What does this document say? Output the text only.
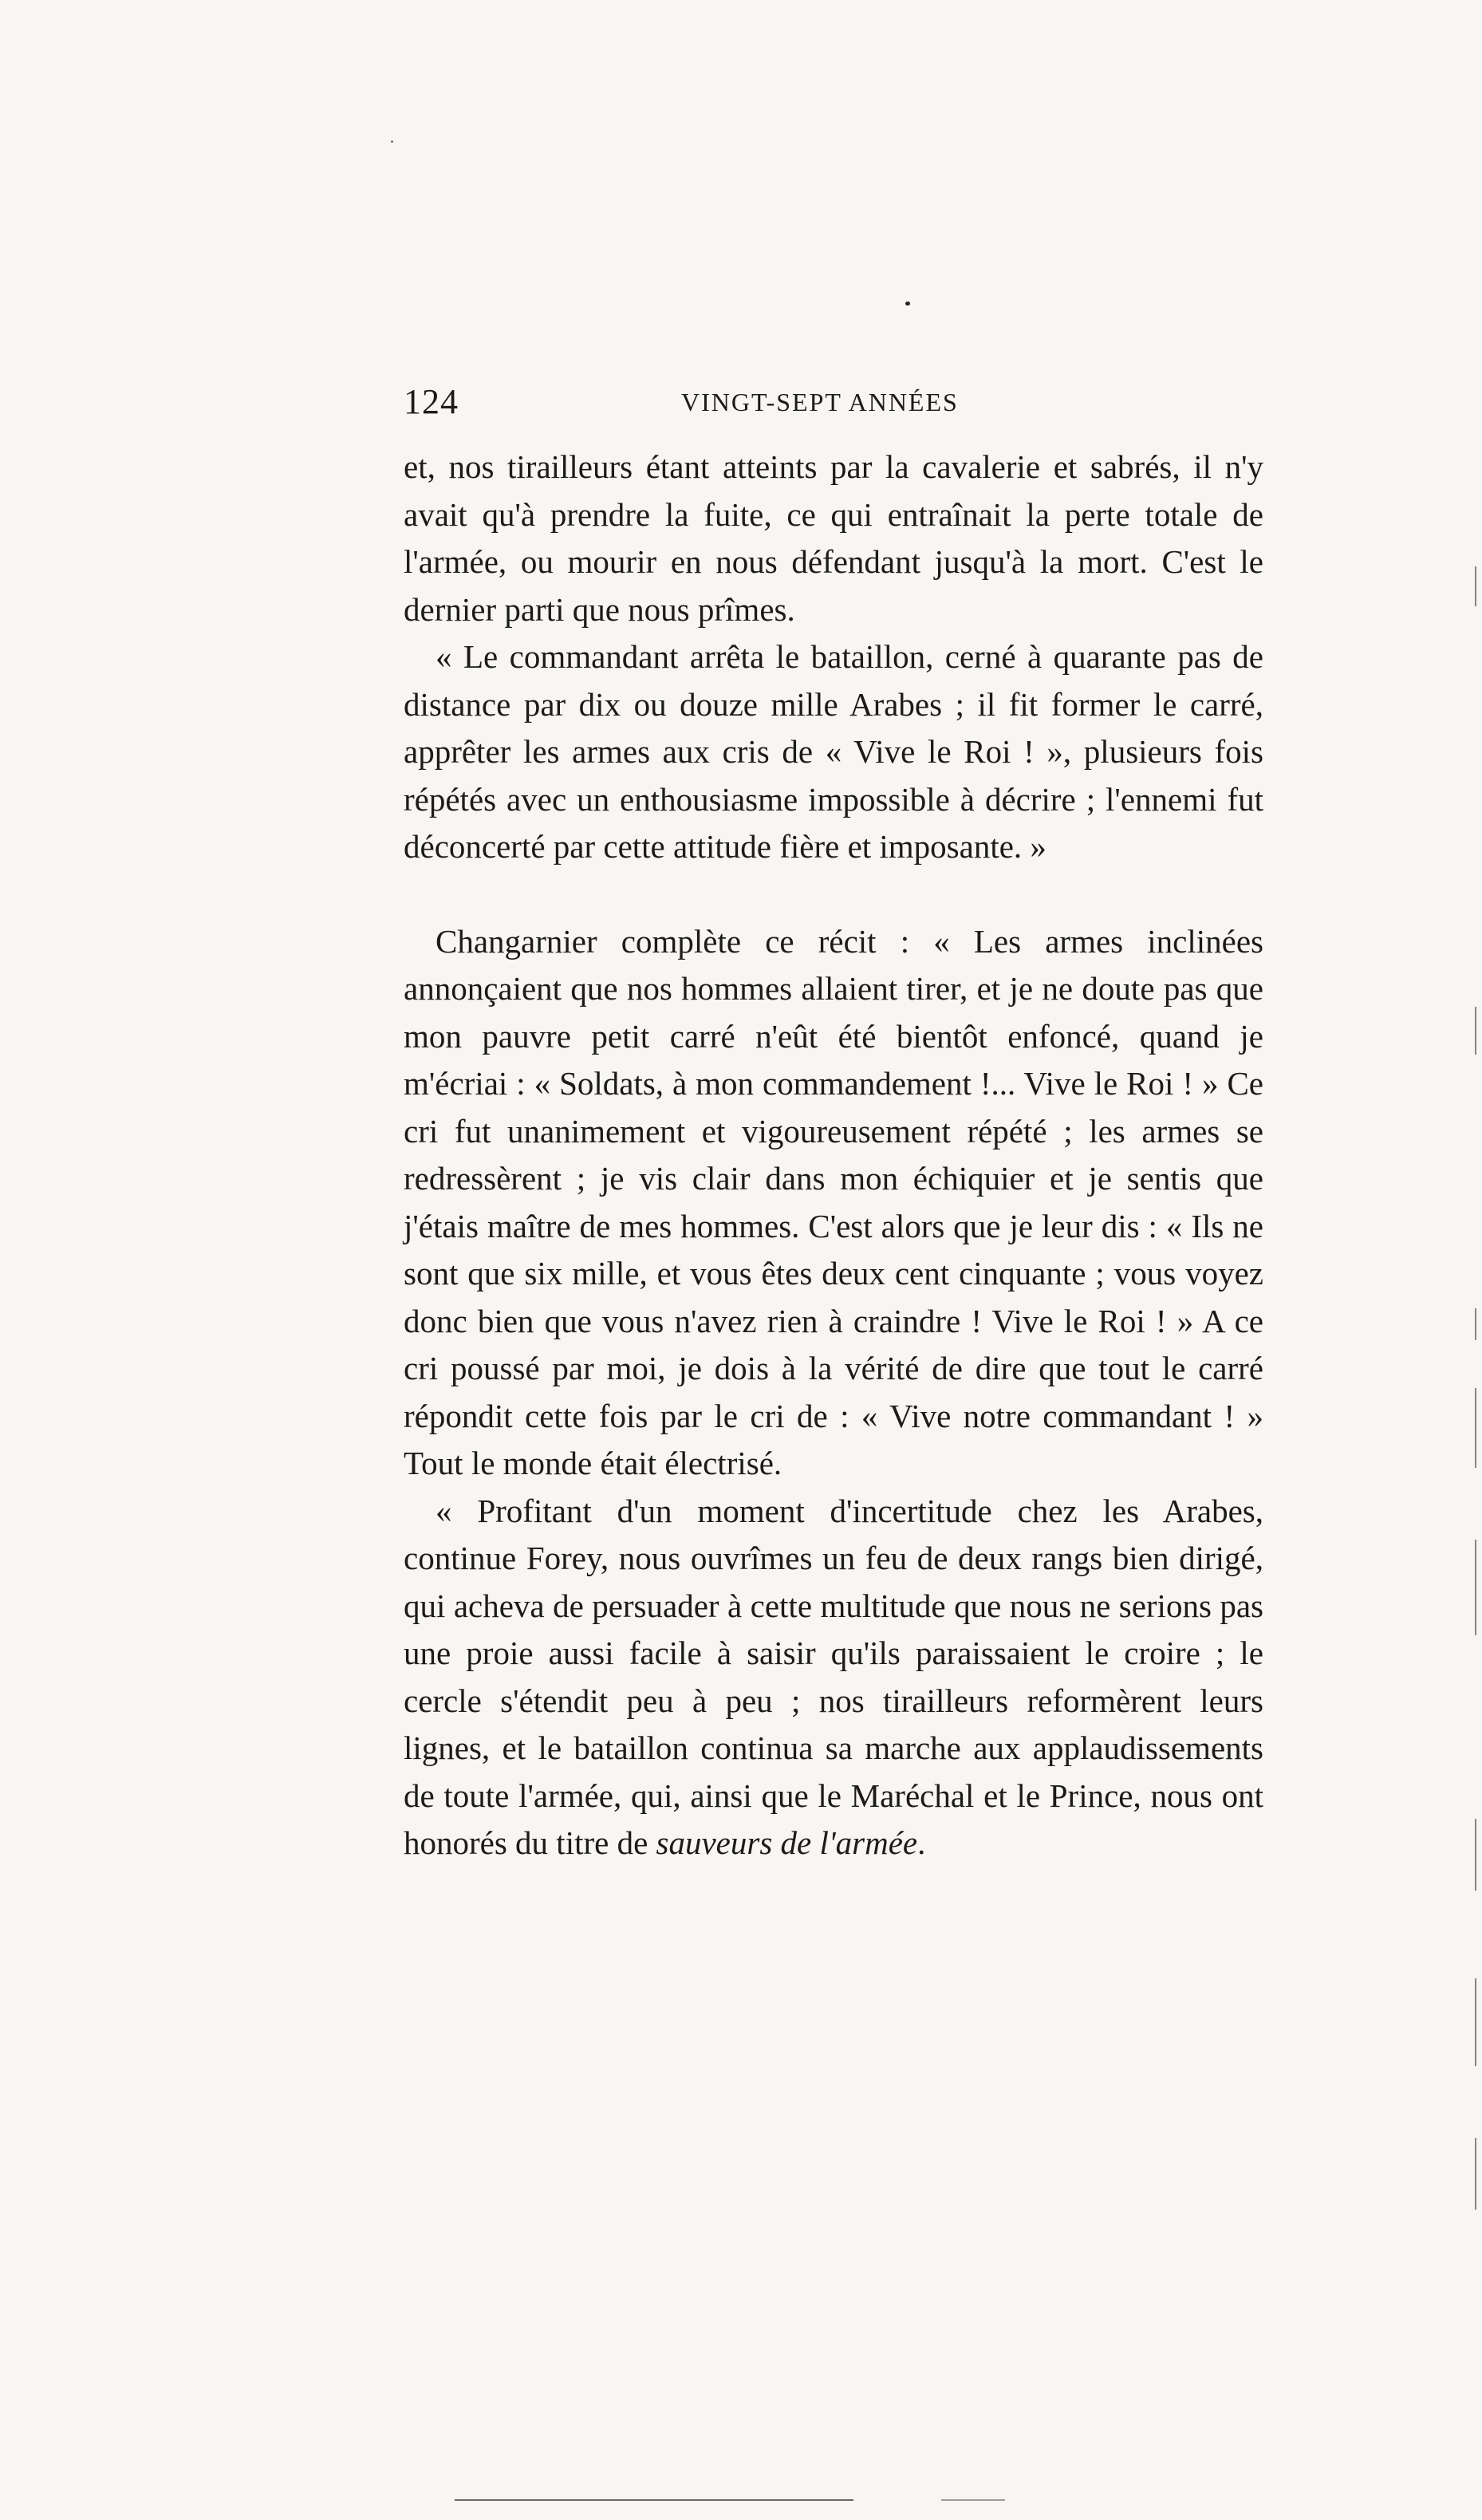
124	VINGT-SEPT ANNÉES

et, nos tirailleurs étant atteints par la cavalerie et sabrés, il n'y avait qu'à prendre la fuite, ce qui entraînait la perte totale de l'armée, ou mourir en nous défendant jusqu'à la mort. C'est le dernier parti que nous prîmes.

« Le commandant arrêta le bataillon, cerné à quarante pas de distance par dix ou douze mille Arabes ; il fit former le carré, apprêter les armes aux cris de « Vive le Roi ! », plusieurs fois répétés avec un enthousiasme impossible à décrire ; l'ennemi fut déconcerté par cette attitude fière et imposante. »

Changarnier complète ce récit : « Les armes inclinées annonçaient que nos hommes allaient tirer, et je ne doute pas que mon pauvre petit carré n'eût été bientôt enfoncé, quand je m'écriai : « Soldats, à mon commandement !... Vive le Roi ! » Ce cri fut unanimement et vigoureusement répété ; les armes se redressèrent ; je vis clair dans mon échiquier et je sentis que j'étais maître de mes hommes. C'est alors que je leur dis : « Ils ne sont que six mille, et vous êtes deux cent cinquante ; vous voyez donc bien que vous n'avez rien à craindre ! Vive le Roi ! » A ce cri poussé par moi, je dois à la vérité de dire que tout le carré répondit cette fois par le cri de : « Vive notre commandant ! » Tout le monde était électrisé.

« Profitant d'un moment d'incertitude chez les Arabes, continue Forey, nous ouvrîmes un feu de deux rangs bien dirigé, qui acheva de persuader à cette multitude que nous ne serions pas une proie aussi facile à saisir qu'ils paraissaient le croire ; le cercle s'étendit peu à peu ; nos tirailleurs reformèrent leurs lignes, et le bataillon continua sa marche aux applaudissements de toute l'armée, qui, ainsi que le Maréchal et le Prince, nous ont honorés du titre de sauveurs de l'armée.
